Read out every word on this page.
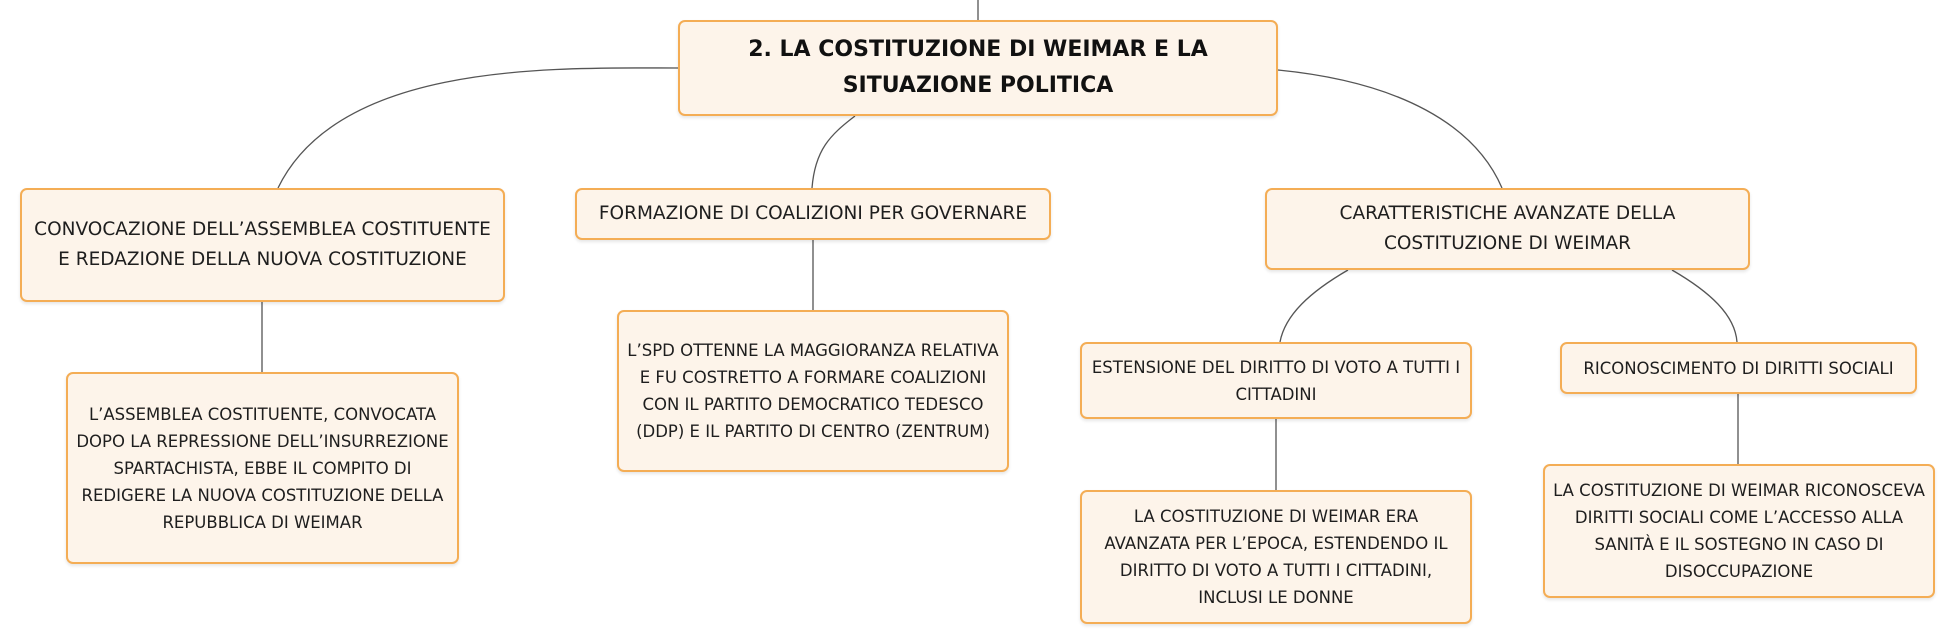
2. LA COSTITUZIONE DI WEIMAR E LA SITUAZIONE POLITICA
CONVOCAZIONE DELL’ASSEMBLEA COSTITUENTE E REDAZIONE DELLA NUOVA COSTITUZIONE
FORMAZIONE DI COALIZIONI PER GOVERNARE	CARATTERISTICHE AVANZATE DELLA COSTITUZIONE DI WEIMAR
L’ASSEMBLEA COSTITUENTE, CONVOCATA DOPO LA REPRESSIONE DELL’INSURREZIONE SPARTACHISTA, EBBE IL COMPITO DI REDIGERE LA NUOVA COSTITUZIONE DELLA REPUBBLICA DI WEIMAR
L’SPD OTTENNE LA MAGGIORANZA RELATIVA E FU COSTRETTO A FORMARE COALIZIONI CON IL PARTITO DEMOCRATICO TEDESCO (DDP) E IL PARTITO DI CENTRO (ZENTRUM)
ESTENSIONE DEL DIRITTO DI VOTO A TUTTI I CITTADINI
RICONOSCIMENTO DI DIRITTI SOCIALI
LA COSTITUZIONE DI WEIMAR ERA AVANZATA PER L’EPOCA, ESTENDENDO IL DIRITTO DI VOTO A TUTTI I CITTADINI, INCLUSI LE DONNE
LA COSTITUZIONE DI WEIMAR RICONOSCEVA DIRITTI SOCIALI COME L’ACCESSO ALLA SANITÀ E IL SOSTEGNO IN CASO DI DISOCCUPAZIONE
